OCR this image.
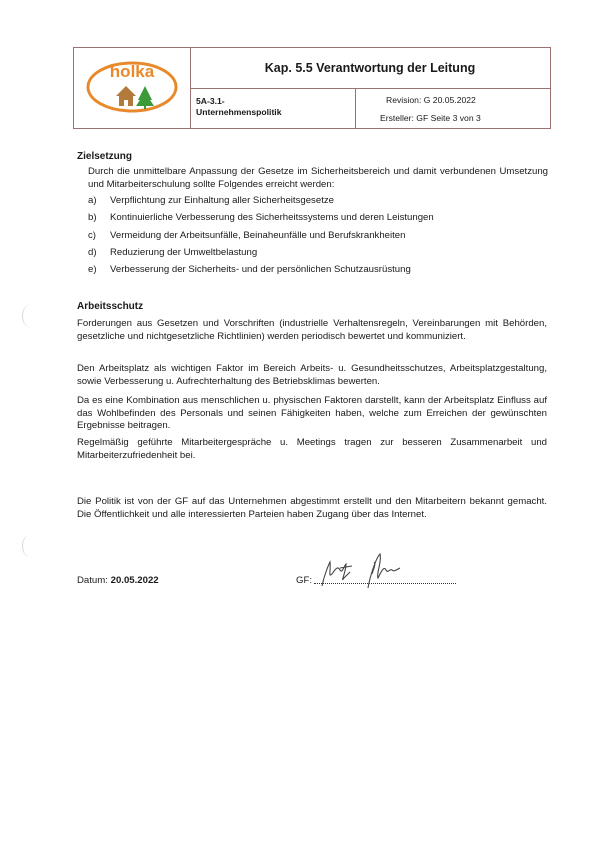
holka	Kap. 5.5 Verantwortung der Leitung
5A-3.1-
Unternehmenspolitik
Revision: G 20.05.2022
Ersteller: GF Seite 3 von 3
Zielsetzung
Durch die unmittelbare Anpassung der Gesetze im Sicherheitsbereich und damit verbundenen Umsetzung und Mitarbeiterschulung sollte Folgendes erreicht werden:
a) Verpflichtung zur Einhaltung aller Sicherheitsgesetze
b) Kontinuierliche Verbesserung des Sicherheitssystems und deren Leistungen
c) Vermeidung der Arbeitsunfälle, Beinaheunfälle und Berufskrankheiten
d) Reduzierung der Umweltbelastung
e) Verbesserung der Sicherheits- und der persönlichen Schutzausrüstung
Arbeitsschutz
Forderungen aus Gesetzen und Vorschriften (industrielle Verhaltensregeln, Vereinbarungen mit Behörden, gesetzliche und nichtgesetzliche Richtlinien) werden periodisch bewertet und kommuniziert.
Den Arbeitsplatz als wichtigen Faktor im Bereich Arbeits- u. Gesundheitsschutzes, Arbeitsplatzgestaltung, sowie Verbesserung u. Aufrechterhaltung des Betriebsklimas bewerten.
Da es eine Kombination aus menschlichen u. physischen Faktoren darstellt, kann der Arbeitsplatz Einfluss auf das Wohlbefinden des Personals und seinen Fähigkeiten haben, welche zum Erreichen der gewünschten Ergebnisse beitragen.
Regelmäßig geführte Mitarbeitergespräche u. Meetings tragen zur besseren Zusammenarbeit und Mitarbeiterzufriedenheit bei.
Die Politik ist von der GF auf das Unternehmen abgestimmt erstellt und den Mitarbeitern bekannt gemacht. Die Öffentlichkeit und alle interessierten Parteien haben Zugang über das Internet.
Datum: 20.05.2022	GF:
